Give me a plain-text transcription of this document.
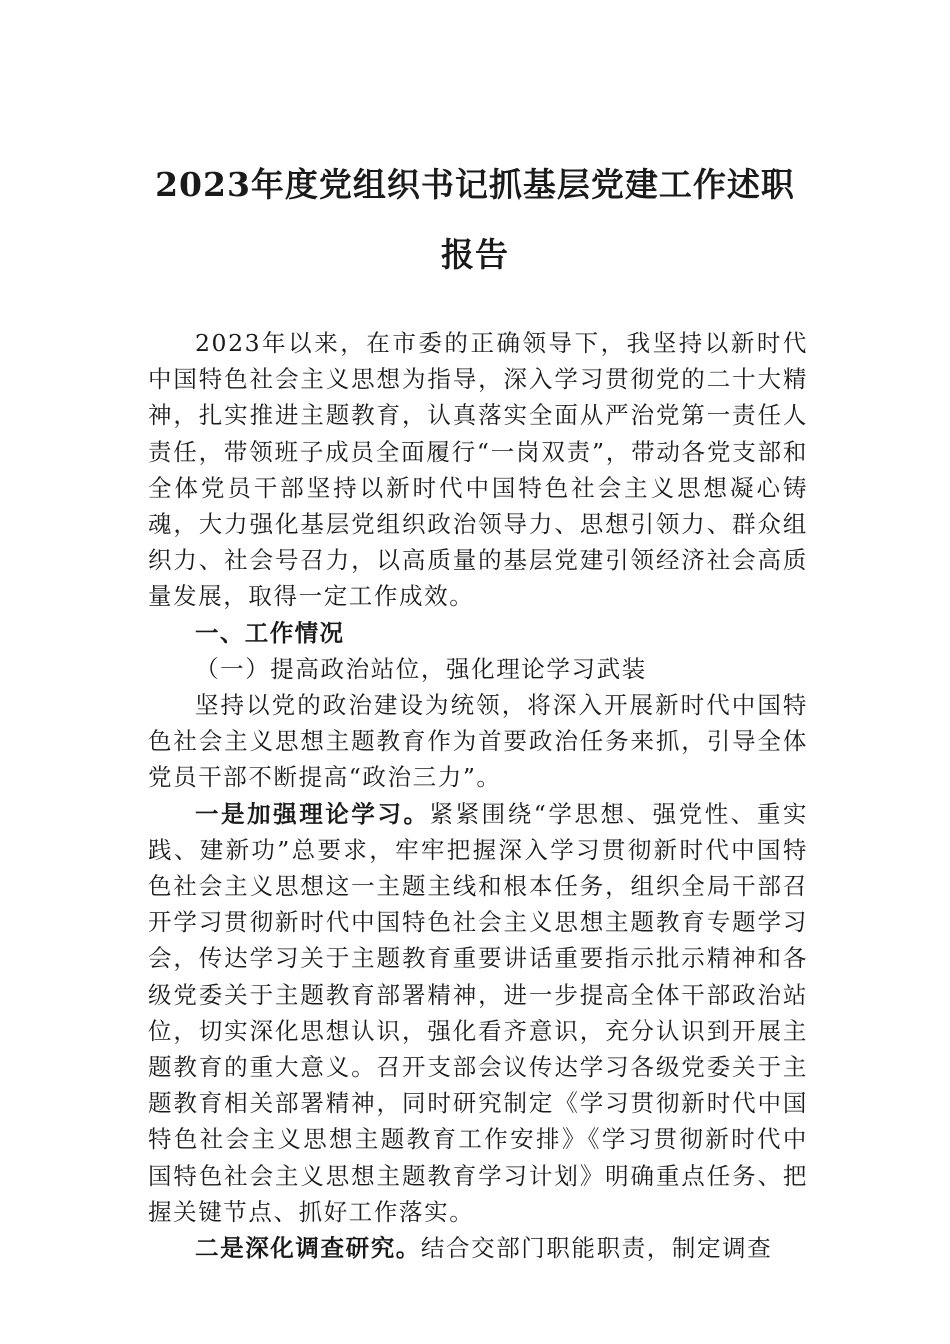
2023年度党组织书记抓基层党建工作述职
报告

2023年以来，在市委的正确领导下，我坚持以新时代中国特色社会主义思想为指导，深入学习贯彻党的二十大精神，扎实推进主题教育，认真落实全面从严治党第一责任人责任，带领班子成员全面履行“一岗双责”，带动各党支部和全体党员干部坚持以新时代中国特色社会主义思想凝心铸魂，大力强化基层党组织政治领导力、思想引领力、群众组织力、社会号召力，以高质量的基层党建引领经济社会高质量发展，取得一定工作成效。

一、工作情况

（一）提高政治站位，强化理论学习武装

坚持以党的政治建设为统领，将深入开展新时代中国特色社会主义思想主题教育作为首要政治任务来抓，引导全体党员干部不断提高“政治三力”。

一是加强理论学习。紧紧围绕“学思想、强党性、重实践、建新功”总要求，牢牢把握深入学习贯彻新时代中国特色社会主义思想这一主题主线和根本任务，组织全局干部召开学习贯彻新时代中国特色社会主义思想主题教育专题学习会，传达学习关于主题教育重要讲话重要指示批示精神和各级党委关于主题教育部署精神，进一步提高全体干部政治站位，切实深化思想认识，强化看齐意识，充分认识到开展主题教育的重大意义。召开支部会议传达学习各级党委关于主题教育相关部署精神，同时研究制定《学习贯彻新时代中国特色社会主义思想主题教育工作安排》《学习贯彻新时代中国特色社会主义思想主题教育学习计划》明确重点任务、把握关键节点、抓好工作落实。

二是深化调查研究。结合交部门职能职责，制定调查
